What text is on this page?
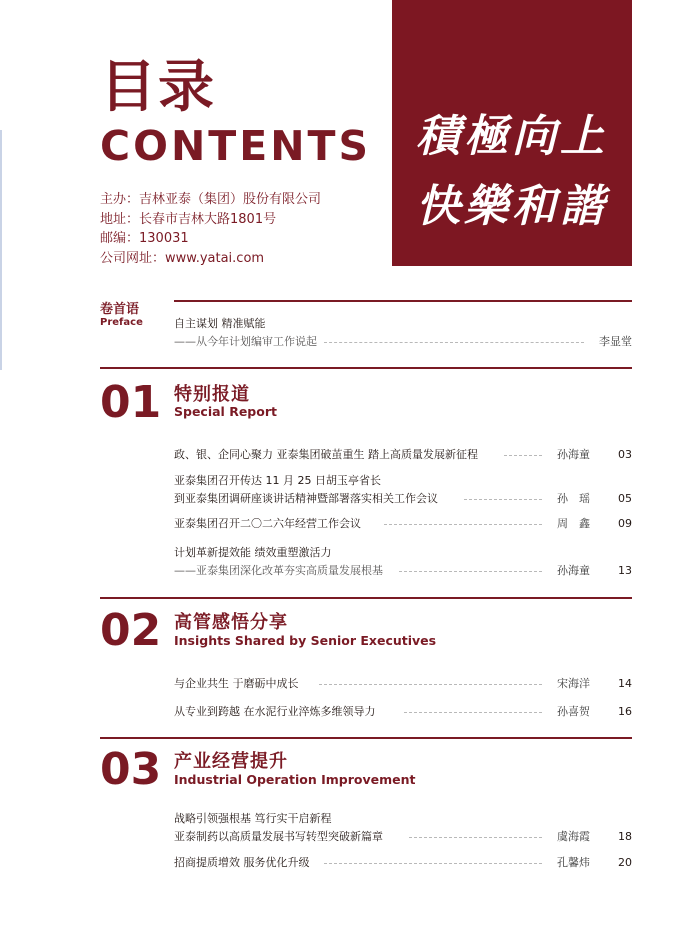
目录
CONTENTS
主办：吉林亚泰（集团）股份有限公司
地址：长春市吉林大路1801号
邮编：130031
公司网址：www.yatai.com
積極向上
快樂和諧
卷首语
Preface	自主谋划 精准赋能
——从今年计划编审工作说起	李显堂
01 特别报道
Special Report
政、银、企同心聚力 亚泰集团破茧重生 踏上高质量发展新征程	孙海童	03
亚泰集团召开传达 11 月 25 日胡玉亭省长
到亚泰集团调研座谈讲话精神暨部署落实相关工作会议	孙　瑶	05
亚泰集团召开二〇二六年经营工作会议	周　鑫	09
计划革新提效能 绩效重塑激活力
——亚泰集团深化改革夯实高质量发展根基	孙海童	13
02 高管感悟分享
Insights Shared by Senior Executives
与企业共生 于磨砺中成长	宋海洋	14
从专业到跨越 在水泥行业淬炼多维领导力	孙喜贺	16
03 产业经营提升
Industrial Operation Improvement
战略引领强根基 笃行实干启新程
亚泰制药以高质量发展书写转型突破新篇章	虞海霞	18
招商提质增效 服务优化升级	孔馨炜	20
